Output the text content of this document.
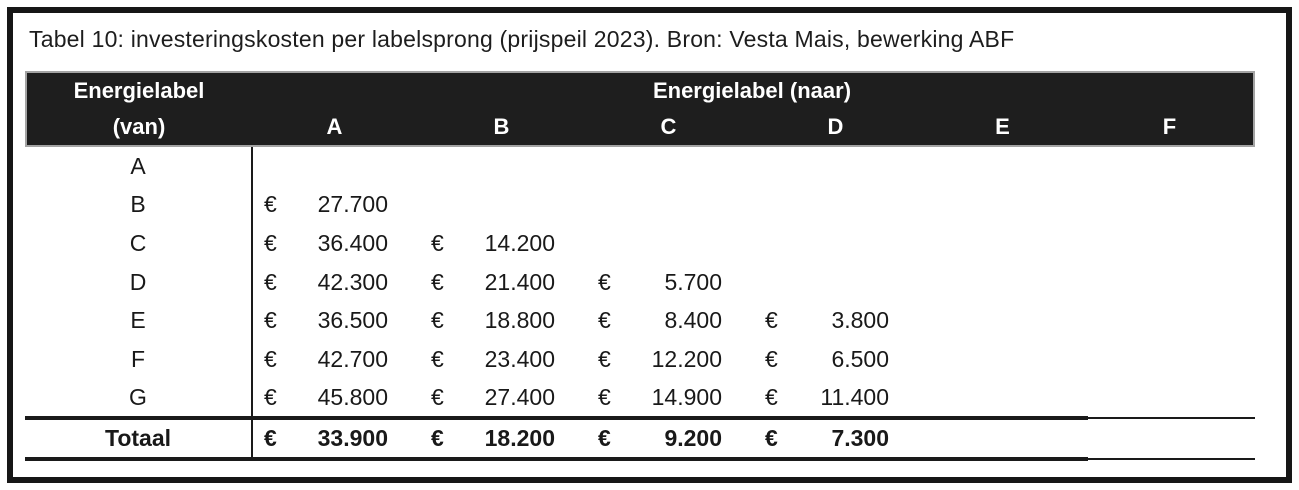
Tabel 10: investeringskosten per labelsprong (prijspeil 2023). Bron: Vesta Mais, bewerking ABF
Energielabel	Energielabel (naar)
(van)	A	B	C	D	E	F
A
B	€ 27.700
C	€ 36.400 € 14.200
D	€ 42.300 € 21.400 € 5.700
E	€ 36.500 € 18.800 € 8.400 € 3.800
F	€ 42.700 € 23.400 € 12.200 € 6.500
G	€ 45.800 € 27.400 € 14.900 € 11.400
Totaal	€ 33.900 € 18.200 € 9.200 € 7.300
